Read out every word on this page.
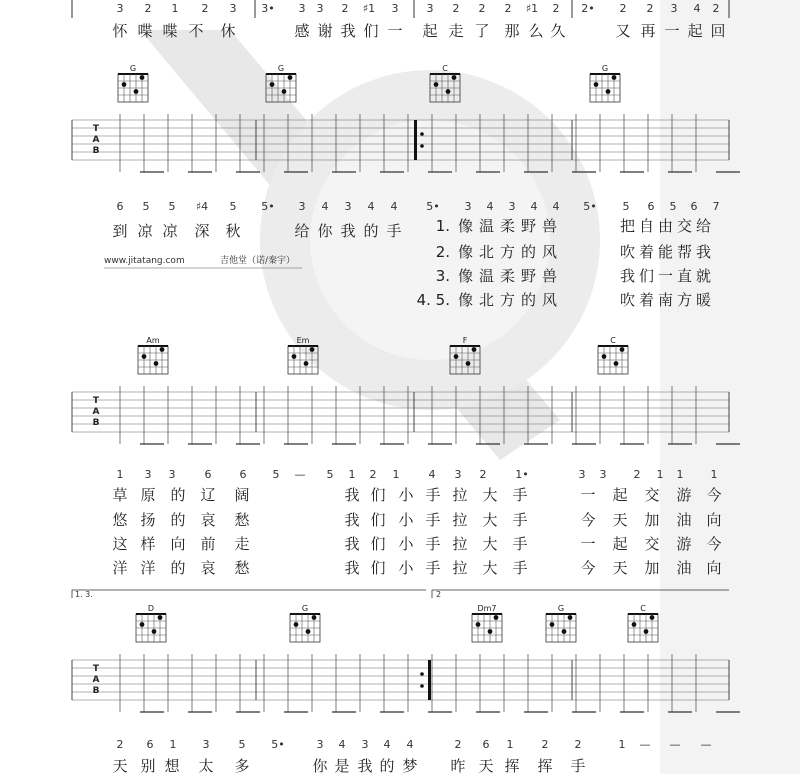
3 2 1 2 3 3• 3 3 2 ♯1 3	3 2 2 2 ♯1 2 2• 2 2 3 4 2
怀 喋 喋 不 休	感 谢 我 们 一 起 走 了 那 么 久	又 再 一 起 回
G	G	C	G
T
A
B
6 5 5 ♯4 5 5• 3 4 3 4 4	5• 3 4 3 4 4 5• 5 6 5 6 7
到 凉 凉 深 秋	给 你 我 的 手
www.jitatang.com	吉他堂（诺/秦宇）
1. 像温柔野兽	把自由交给
2. 像北方的风	吹着能帮我
3. 像温柔野兽	我们一直就
4. 5. 像北方的风	吹着南方暖
Am	Em	F	C
T
A
B
1 3 3	6	6 5 — 5 1 2 1	4 3 2	1•	3 3 2 1 1 1
草 原 的 辽 阔	我 们 小 手 拉 大 手	一 起 交 游 今
悠 扬 的 哀 愁	我 们 小 手 拉 大 手	今 天 加 油 向
这 样 向 前 走	我 们 小 手 拉 大 手	一 起 交 游 今
洋 洋 的 哀 愁	我 们 小 手 拉 大 手	今 天 加 油 向
1. 3.	2
D	G	Dm7	G	C
T
A
B
2 6 1 3	5 5•	3 4 3 4 4	2 6 1	2 2	1 — — —
天 别 想 太 多	你 是 我 的 梦 昨 天 挥 挥 手
